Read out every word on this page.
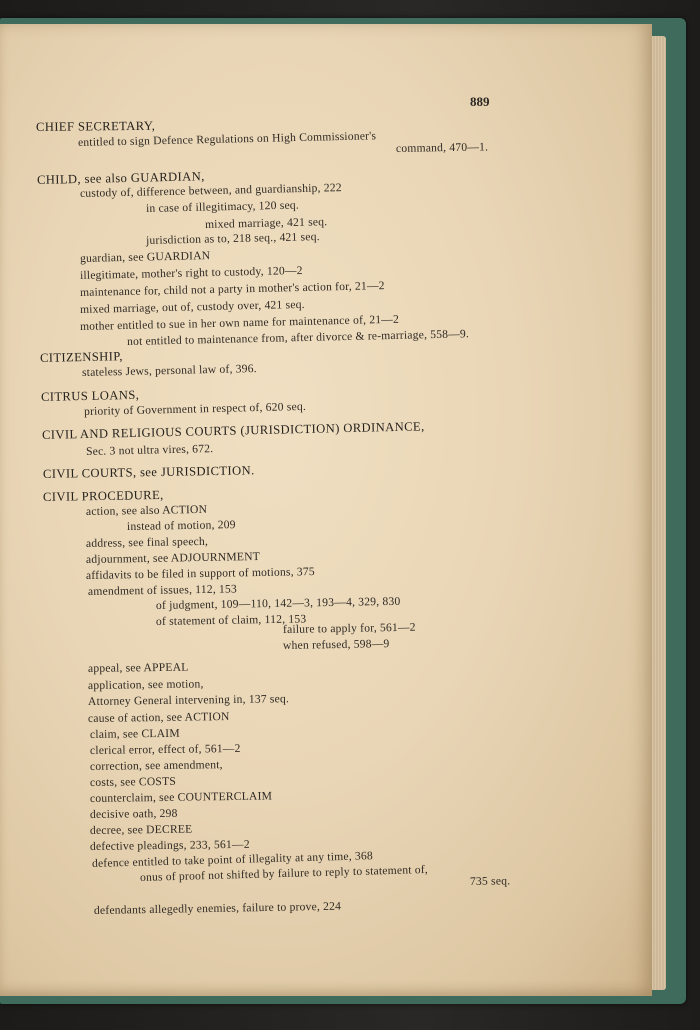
889
CHIEF SECRETARY,
entitled to sign Defence Regulations on High Commissioner's command, 470—1.
CHILD, see also GUARDIAN,
custody of, difference between, and guardianship, 222
in case of illegitimacy, 120 seq.
mixed marriage, 421 seq.
jurisdiction as to, 218 seq., 421 seq.
guardian, see GUARDIAN
illegitimate, mother's right to custody, 120—2
maintenance for, child not a party in mother's action for, 21—2
mixed marriage, out of, custody over, 421 seq.
mother entitled to sue in her own name for maintenance of, 21—2
not entitled to maintenance from, after divorce & re-marriage, 558—9.
CITIZENSHIP,
stateless Jews, personal law of, 396.
CITRUS LOANS,
priority of Government in respect of, 620 seq.
CIVIL AND RELIGIOUS COURTS (JURISDICTION) ORDINANCE,
Sec. 3 not ultra vires, 672.
CIVIL COURTS, see JURISDICTION.
CIVIL PROCEDURE,
action, see also ACTION
instead of motion, 209
address, see final speech,
adjournment, see ADJOURNMENT
affidavits to be filed in support of motions, 375
amendment of issues, 112, 153
of judgment, 109—110, 142—3, 193—4, 329, 830
of statement of claim, 112, 153
failure to apply for, 561—2
when refused, 598—9
appeal, see APPEAL
application, see motion,
Attorney General intervening in, 137 seq.
cause of action, see ACTION
claim, see CLAIM
clerical error, effect of, 561—2
correction, see amendment,
costs, see COSTS
counterclaim, see COUNTERCLAIM
decisive oath, 298
decree, see DECREE
defective pleadings, 233, 561—2
defence entitled to take point of illegality at any time, 368
onus of proof not shifted by failure to reply to statement of,	735 seq.
defendants allegedly enemies, failure to prove, 224
